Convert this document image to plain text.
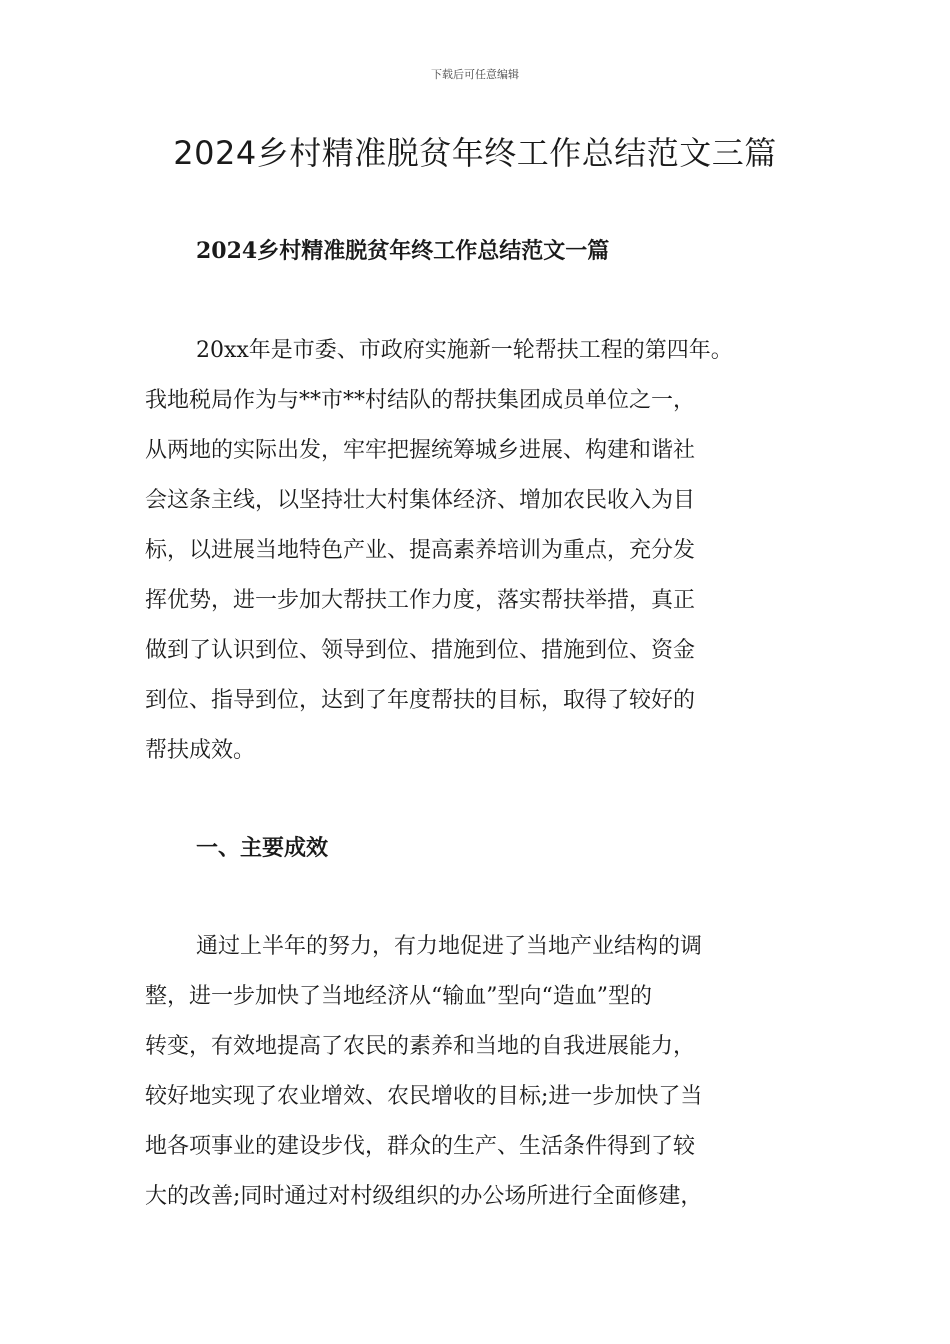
下载后可任意编辑
2024乡村精准脱贫年终工作总结范文三篇
2024乡村精准脱贫年终工作总结范文一篇
20xx年是市委、市政府实施新一轮帮扶工程的第四年。
我地税局作为与**市**村结队的帮扶集团成员单位之一，
从两地的实际出发，牢牢把握统筹城乡进展、构建和谐社
会这条主线，以坚持壮大村集体经济、增加农民收入为目
标，以进展当地特色产业、提高素养培训为重点，充分发
挥优势，进一步加大帮扶工作力度，落实帮扶举措，真正
做到了认识到位、领导到位、措施到位、措施到位、资金
到位、指导到位，达到了年度帮扶的目标，取得了较好的
帮扶成效。
一、主要成效
通过上半年的努力，有力地促进了当地产业结构的调
整，进一步加快了当地经济从“输血”型向“造血”型的
转变，有效地提高了农民的素养和当地的自我进展能力，
较好地实现了农业增效、农民增收的目标;进一步加快了当
地各项事业的建设步伐，群众的生产、生活条件得到了较
大的改善;同时通过对村级组织的办公场所进行全面修建，
